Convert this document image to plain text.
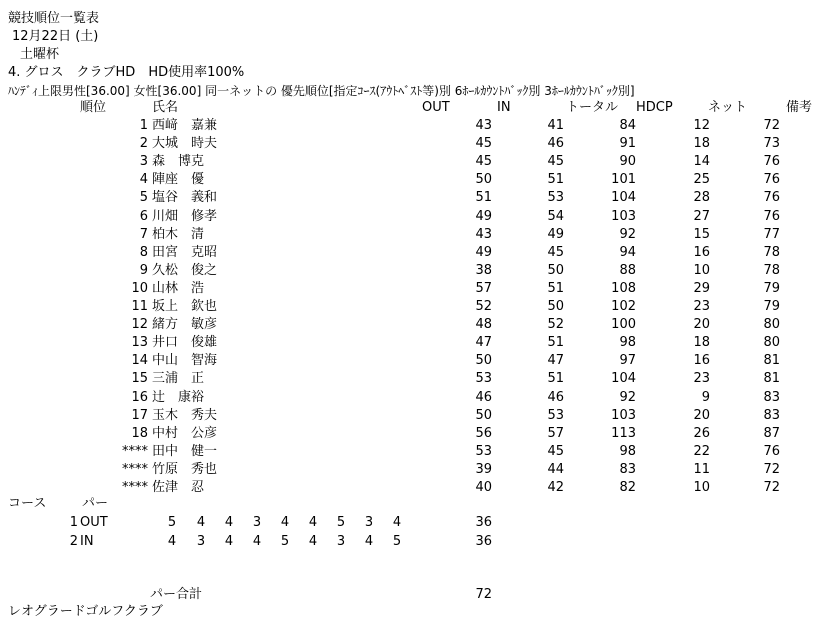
競技順位一覧表
12月22日 (土)
土曜杯
4. グロス　クラブHD　HD使用率100%
ﾊﾝﾃﾞｨ上限男性[36.00] 女性[36.00] 同一ネットの 優先順位[指定ｺｰｽ(ｱｳﾄﾍﾞｽﾄ等)別 6ﾎｰﾙｶｳﾝﾄﾊﾞｯｸ別 3ﾎｰﾙｶｳﾝﾄﾊﾞｯｸ別]
順位	氏名	OUT	IN	トータル HDCP	ネット	備考
1 西﨑　嘉兼	43	41	84	12	72
2 大城　時夫	45	46	91	18	73
3 森　博克	45	45	90	14	76
4 陣座　優	50	51	101	25	76
5 塩谷　義和	51	53	104	28	76
6 川畑　修孝	49	54	103	27	76
7 柏木　清	43	49	92	15	77
8 田宮　克昭	49	45	94	16	78
9 久松　俊之	38	50	88	10	78
10 山林　浩	57	51	108	29	79
11 坂上　欽也	52	50	102	23	79
12 緒方　敏彦	48	52	100	20	80
13 井口　俊雄	47	51	98	18	80
14 中山　智海	50	47	97	16	81
15 三浦　正	53	51	104	23	81
16 辻　康裕	46	46	92	9	83
17 玉木　秀夫	50	53	103	20	83
18 中村　公彦	56	57	113	26	87
**** 田中　健一	53	45	98	22	76
**** 竹原　秀也	39	44	83	11	72
**** 佐津　忍	40	42	82	10	72
コース	パー
1 OUT	5 4 4 3 4 4 5 3 4	36
2 IN	4 3 4 4 5 4 3 4 5	36
パー合計	72
レオグラードゴルフクラブ
